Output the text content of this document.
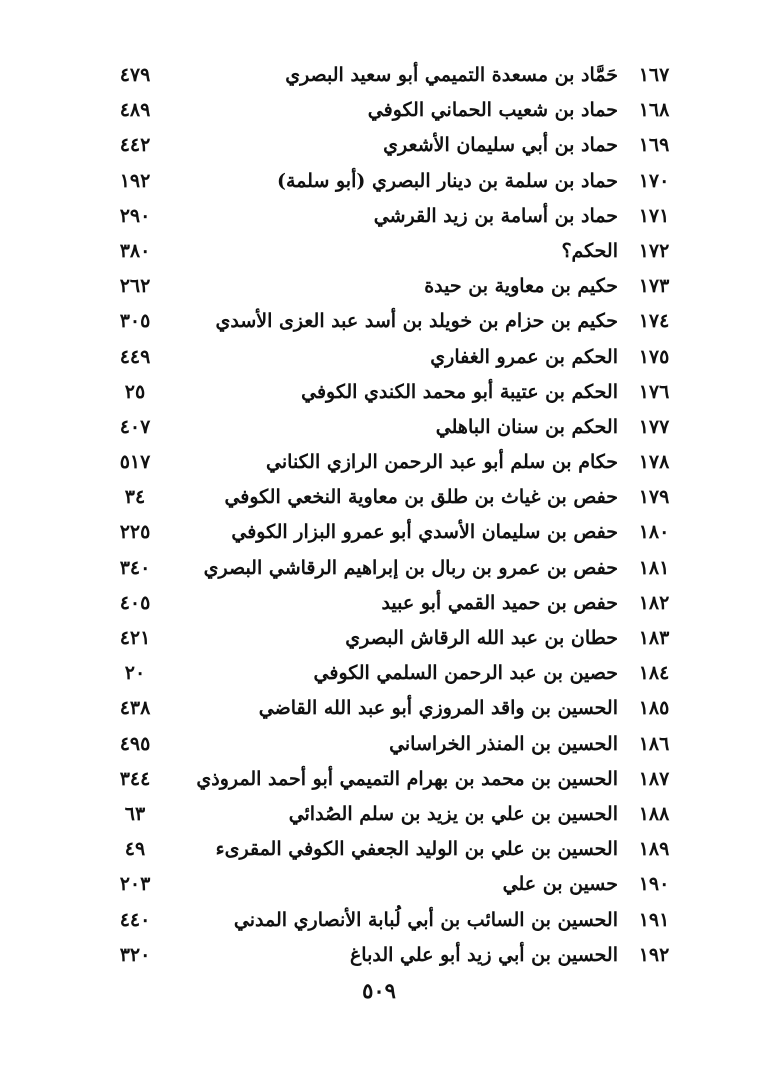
١٦٧
حَمَّاد بن مسعدة التميمي أبو سعيد البصري
٤٧٩
١٦٨
حماد بن شعيب الحماني الكوفي
٤٨٩
١٦٩
حماد بن أبي سليمان الأشعري
٤٤٢
١٧٠
حماد بن سلمة بن دينار البصري (أبو سلمة)
١٩٢
١٧١
حماد بن أسامة بن زيد القرشي
٢٩٠
١٧٢
الحكم؟
٣٨٠
١٧٣
حكيم بن معاوية بن حيدة
٢٦٢
١٧٤
حكيم بن حزام بن خويلد بن أسد عبد العزى الأسدي
٣٠٥
١٧٥
الحكم بن عمرو الغفاري
٤٤٩
١٧٦
الحكم بن عتيبة أبو محمد الكندي الكوفي
٢٥
١٧٧
الحكم بن سنان الباهلي
٤٠٧
١٧٨
حكام بن سلم أبو عبد الرحمن الرازي الكناني
٥١٧
١٧٩
حفص بن غياث بن طلق بن معاوية النخعي الكوفي
٣٤
١٨٠
حفص بن سليمان الأسدي أبو عمرو البزار الكوفي
٢٢٥
١٨١
حفص بن عمرو بن ربال بن إبراهيم الرقاشي البصري
٣٤٠
١٨٢
حفص بن حميد القمي أبو عبيد
٤٠٥
١٨٣
حطان بن عبد الله الرقاش البصري
٤٢١
١٨٤
حصين بن عبد الرحمن السلمي الكوفي
٢٠
١٨٥
الحسين بن واقد المروزي أبو عبد الله القاضي
٤٣٨
١٨٦
الحسين بن المنذر الخراساني
٤٩٥
١٨٧
الحسين بن محمد بن بهرام التميمي أبو أحمد المروذي
٣٤٤
١٨٨
الحسين بن علي بن يزيد بن سلم الصُدائي
٦٣
١٨٩
الحسين بن علي بن الوليد الجعفي الكوفي المقرىء
٤٩
١٩٠
حسين بن علي
٢٠٣
١٩١
الحسين بن السائب بن أبي لُبابة الأنصاري المدني
٤٤٠
١٩٢
الحسين بن أبي زيد أبو علي الدباغ
٣٢٠
٥٠٩
